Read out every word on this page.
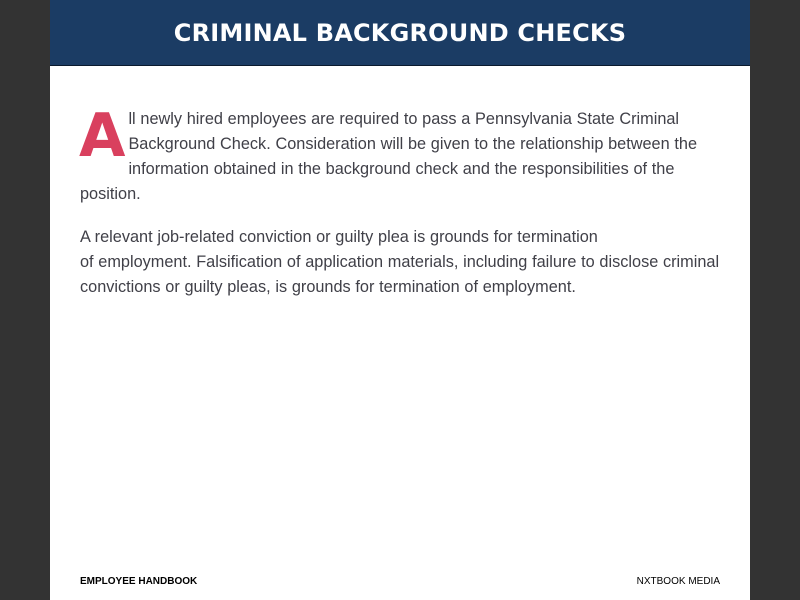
CRIMINAL BACKGROUND CHECKS

All newly hired employees are required to pass a Pennsylvania State Criminal Background Check. Consideration will be given to the relationship between the information obtained in the background check and the responsibilities of the position.

A relevant job-related conviction or guilty plea is grounds for termination
of employment. Falsification of application materials, including failure to disclose criminal convictions or guilty pleas, is grounds for termination of employment.

EMPLOYEE HANDBOOK	NXTBOOK MEDIA
